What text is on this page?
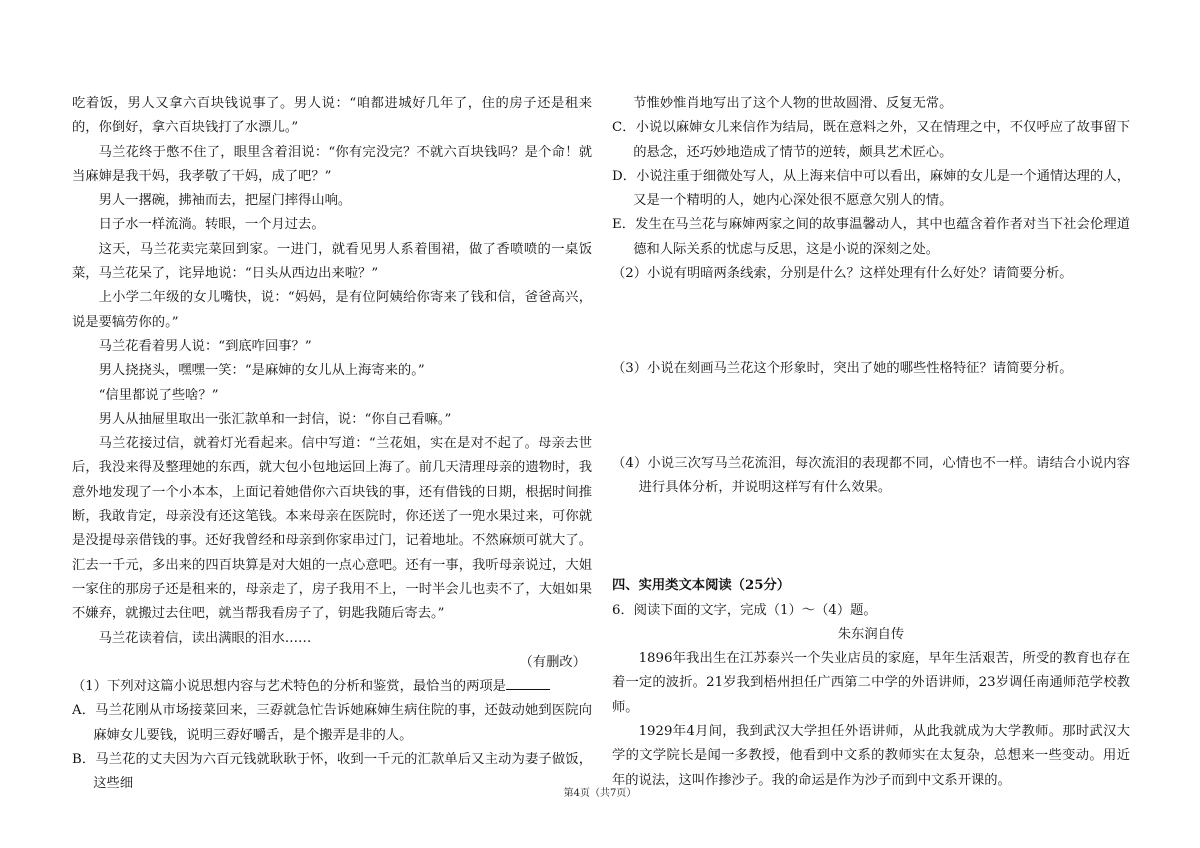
吃着饭，男人又拿六百块钱说事了。男人说：“咱都进城好几年了，住的房子还是租来的，你倒好，拿六百块钱打了水漂儿。”

马兰花终于憋不住了，眼里含着泪说：“你有完没完？不就六百块钱吗？是个命！就当麻婶是我干妈，我孝敬了干妈，成了吧？”

男人一撂碗，拂袖而去，把屋门摔得山响。

日子水一样流淌。转眼，一个月过去。

这天，马兰花卖完菜回到家。一进门，就看见男人系着围裙，做了香喷喷的一桌饭菜，马兰花呆了，诧异地说：“日头从西边出来啦？”

上小学二年级的女儿嘴快，说：“妈妈，是有位阿姨给你寄来了钱和信，爸爸高兴，说是要犒劳你的。”

马兰花看着男人说：“到底咋回事？”

男人挠挠头，嘿嘿一笑：“是麻婶的女儿从上海寄来的。”

“信里都说了些啥？”

男人从抽屉里取出一张汇款单和一封信，说：“你自己看嘛。”

马兰花接过信，就着灯光看起来。信中写道：“兰花姐，实在是对不起了。母亲去世后，我没来得及整理她的东西，就大包小包地运回上海了。前几天清理母亲的遗物时，我意外地发现了一个小本本，上面记着她借你六百块钱的事，还有借钱的日期，根据时间推断，我敢肯定，母亲没有还这笔钱。本来母亲在医院时，你还送了一兜水果过来，可你就是没提母亲借钱的事。还好我曾经和母亲到你家串过门，记着地址。不然麻烦可就大了。汇去一千元，多出来的四百块算是对大姐的一点心意吧。还有一事，我听母亲说过，大姐一家住的那房子还是租来的，母亲走了，房子我用不上，一时半会儿也卖不了，大姐如果不嫌弃，就搬过去住吧，就当帮我看房子了，钥匙我随后寄去。”

马兰花读着信，读出满眼的泪水……

（有删改）

（1）下列对这篇小说思想内容与艺术特色的分析和鉴赏，最恰当的两项是

A．马兰花刚从市场接菜回来，三孬就急忙告诉她麻婶生病住院的事，还鼓动她到医院向麻婶女儿要钱，说明三孬好嚼舌，是个搬弄是非的人。

B．马兰花的丈夫因为六百元钱就耿耿于怀，收到一千元的汇款单后又主动为妻子做饭，这些细

节惟妙惟肖地写出了这个人物的世故圆滑、反复无常。

C．小说以麻婶女儿来信作为结局，既在意料之外，又在情理之中，不仅呼应了故事留下的悬念，还巧妙地造成了情节的逆转，颇具艺术匠心。

D．小说注重于细微处写人，从上海来信中可以看出，麻婶的女儿是一个通情达理的人，又是一个精明的人，她内心深处很不愿意欠别人的情。

E．发生在马兰花与麻婶两家之间的故事温馨动人，其中也蕴含着作者对当下社会伦理道德和人际关系的忧虑与反思，这是小说的深刻之处。

（2）小说有明暗两条线索，分别是什么？这样处理有什么好处？请简要分析。

（3）小说在刻画马兰花这个形象时，突出了她的哪些性格特征？请简要分析。

（4）小说三次写马兰花流泪，每次流泪的表现都不同，心情也不一样。请结合小说内容进行具体分析，并说明这样写有什么效果。

四、实用类文本阅读（25分）

6．阅读下面的文字，完成（1）～（4）题。

朱东润自传

1896年我出生在江苏泰兴一个失业店员的家庭，早年生活艰苦，所受的教育也存在着一定的波折。21岁我到梧州担任广西第二中学的外语讲师，23岁调任南通师范学校教师。

1929年4月间，我到武汉大学担任外语讲师，从此我就成为大学教师。那时武汉大学的文学院长是闻一多教授，他看到中文系的教师实在太复杂，总想来一些变动。用近年的说法，这叫作掺沙子。我的命运是作为沙子而到中文系开课的。

第4页（共7页）
